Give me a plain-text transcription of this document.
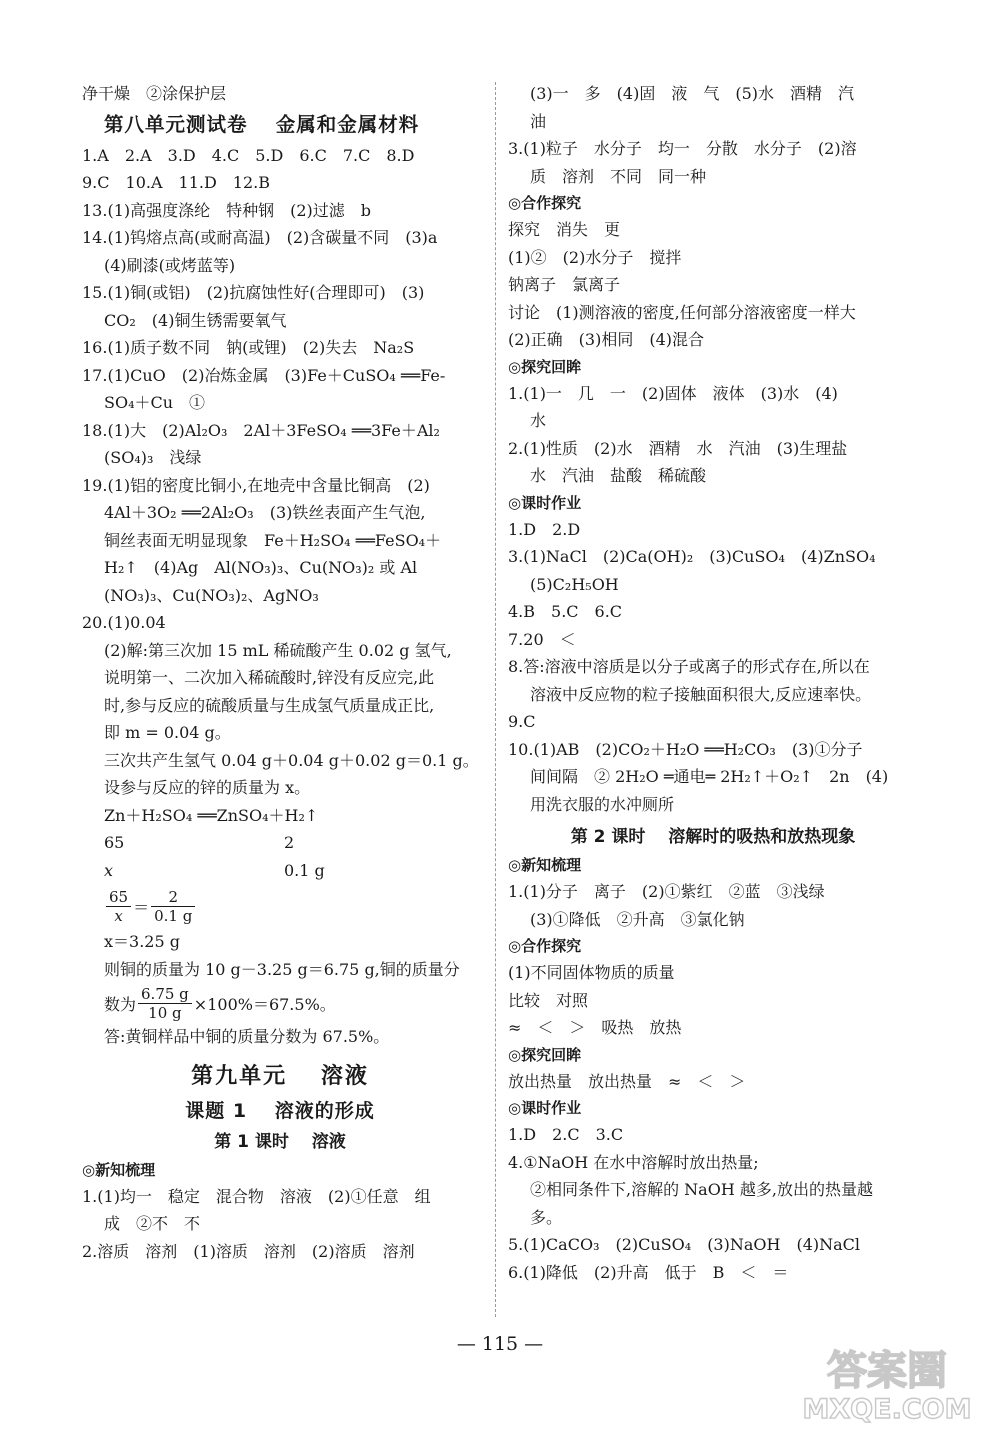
净干燥　②涂保护层
第八单元测试卷　 金属和金属材料
1.A　2.A　3.D　4.C　5.D　6.C　7.C　8.D
9.C　10.A　11.D　12.B
13.(1)高强度涤纶　特种钢　(2)过滤　b
14.(1)钨熔点高(或耐高温)　(2)含碳量不同　(3)a
(4)刷漆(或烤蓝等)
15.(1)铜(或铝)　(2)抗腐蚀性好(合理即可)　(3)
CO₂　(4)铜生锈需要氧气
16.(1)质子数不同　钠(或锂)　(2)失去　Na₂S
17.(1)CuO　(2)冶炼金属　(3)Fe＋CuSO₄ ══Fe-
SO₄＋Cu　①
18.(1)大　(2)Al₂O₃　2Al＋3FeSO₄ ══3Fe＋Al₂
(SO₄)₃　浅绿
19.(1)铝的密度比铜小,在地壳中含量比铜高　(2)
4Al＋3O₂ ══2Al₂O₃　(3)铁丝表面产生气泡,
铜丝表面无明显现象　Fe＋H₂SO₄ ══FeSO₄＋
H₂↑　(4)Ag　Al(NO₃)₃、Cu(NO₃)₂ 或 Al
(NO₃)₃、Cu(NO₃)₂、AgNO₃
20.(1)0.04
(2)解:第三次加 15 mL 稀硫酸产生 0.02 g 氢气,
说明第一、二次加入稀硫酸时,锌没有反应完,此
时,参与反应的硫酸质量与生成氢气质量成正比,
即 m = 0.04 g。
三次共产生氢气 0.04 g＋0.04 g＋0.02 g＝0.1 g。
设参与反应的锌的质量为 x。
Zn＋H₂SO₄ ══ZnSO₄＋H₂↑
65	2
x	0.1 g
$\frac{65}{x} = \frac{2}{0.1 g}$
x＝3.25 g
则铜的质量为 10 g－3.25 g＝6.75 g,铜的质量分
数为 $\frac{6.75 g}{10 g} \times 100\%=67.5\%$。
答:黄铜样品中铜的质量分数为 67.5%。
第九单元　 溶液
课题 1　 溶液的形成
第 1 课时　 溶液
◎新知梳理
1.(1)均一　稳定　混合物　溶液　(2)①任意　组
成　②不　不
2.溶质　溶剂　(1)溶质　溶剂　(2)溶质　溶剂
(3)一　多　(4)固　液　气　(5)水　酒精　汽
油
3.(1)粒子　水分子　均一　分散　水分子　(2)溶
质　溶剂　不同　同一种
◎合作探究
探究　消失　更
(1)②　(2)水分子　搅拌
钠离子　氯离子
讨论　(1)测溶液的密度,任何部分溶液密度一样大
(2)正确　(3)相同　(4)混合
◎探究回眸
1.(1)一　几　一　(2)固体　液体　(3)水　(4)
水
2.(1)性质　(2)水　酒精　水　汽油　(3)生理盐
水　汽油　盐酸　稀硫酸
◎课时作业
1.D　2.D
3.(1)NaCl　(2)Ca(OH)₂　(3)CuSO₄　(4)ZnSO₄
(5)C₂H₅OH
4.B　5.C　6.C
7.20　＜
8.答:溶液中溶质是以分子或离子的形式存在,所以在
溶液中反应物的粒子接触面积很大,反应速率快。
9.C
10.(1)AB　(2)CO₂＋H₂O ══H₂CO₃　(3)①分子
间间隔　② 2H₂O ═通电═ 2H₂↑＋O₂↑　2n　(4)
用洗衣服的水冲厕所
第 2 课时　 溶解时的吸热和放热现象
◎新知梳理
1.(1)分子　离子　(2)①紫红　②蓝　③浅绿
(3)①降低　②升高　③氯化钠
◎合作探究
(1)不同固体物质的质量
比较　对照
≈　＜　＞　吸热　放热
◎探究回眸
放出热量　放出热量　≈　＜　＞
◎课时作业
1.D　2.C　3.C
4.①NaOH 在水中溶解时放出热量;
②相同条件下,溶解的 NaOH 越多,放出的热量越
多。
5.(1)CaCO₃　(2)CuSO₄　(3)NaOH　(4)NaCl
6.(1)降低　(2)升高　低于　B　＜　＝
— 115 —
答案圈
MXQE.COM
